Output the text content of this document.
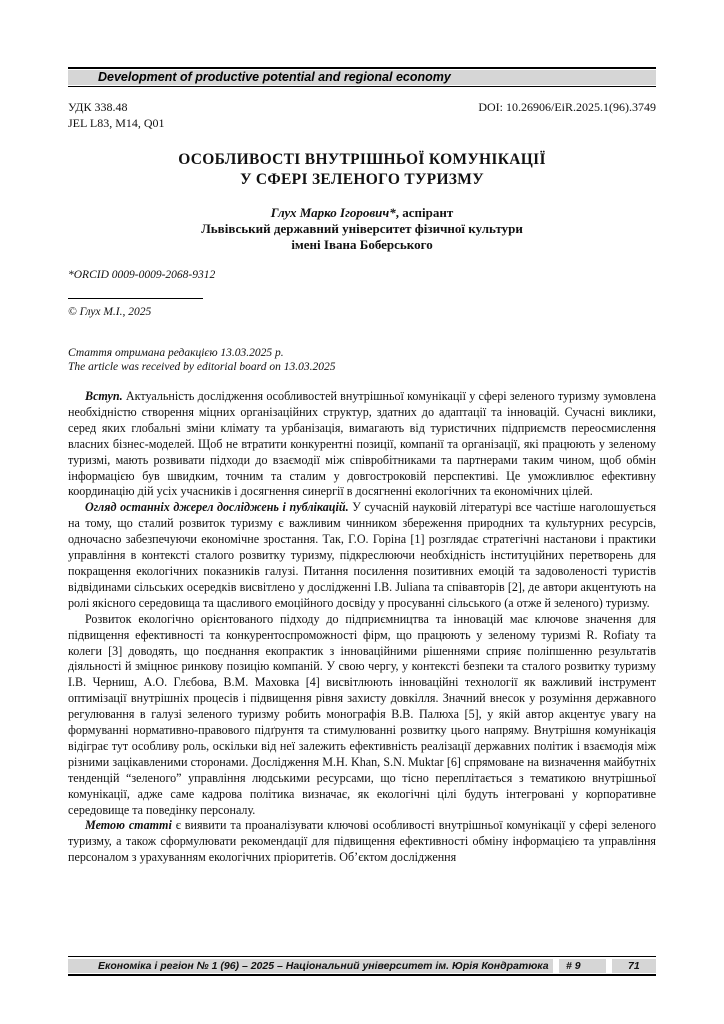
Development of productive potential and regional economy
УДК 338.48
JEL L83, M14, Q01
DOI: 10.26906/EiR.2025.1(96).3749
ОСОБЛИВОСТІ ВНУТРІШНЬОЇ КОМУНІКАЦІЇ
У СФЕРІ ЗЕЛЕНОГО ТУРИЗМУ
Глух Марко Ігорович*, аспірант
Львівський державний університет фізичної культури
імені Івана Боберського
*ORCID 0009-0009-2068-9312
© Глух М.І., 2025
Стаття отримана редакцією 13.03.2025 р.
The article was received by editorial board on 13.03.2025

Вступ. Актуальність дослідження особливостей внутрішньої комунікації у сфері зеленого туризму зумовлена необхідністю створення міцних організаційних структур, здатних до адаптації та інновацій. Сучасні виклики, серед яких глобальні зміни клімату та урбанізація, вимагають від туристичних підприємств переосмислення власних бізнес-моделей. Щоб не втратити конкурентні позиції, компанії та організації, які працюють у зеленому туризмі, мають розвивати підходи до взаємодії між співробітниками та партнерами таким чином, щоб обмін інформацією був швидким, точним та сталим у довгостроковій перспективі. Це уможливлює ефективну координацію дій усіх учасників і досягнення синергії в досягненні екологічних та економічних цілей.

Огляд останніх джерел досліджень і публікацій. У сучасній науковій літературі все частіше наголошується на тому, що сталий розвиток туризму є важливим чинником збереження природних та культурних ресурсів, одночасно забезпечуючи економічне зростання. Так, Г.О. Горіна [1] розглядає стратегічні настанови і практики управління в контексті сталого розвитку туризму, підкреслюючи необхідність інституційних перетворень для покращення екологічних показників галузі. Питання посилення позитивних емоцій та задоволеності туристів відвідинами сільських осередків висвітлено у дослідженні I.B. Juliana та співавторів [2], де автори акцентують на ролі якісного середовища та щасливого емоційного досвіду у просуванні сільського (а отже й зеленого) туризму.

Розвиток екологічно орієнтованого підходу до підприємництва та інновацій має ключове значення для підвищення ефективності та конкурентоспроможності фірм, що працюють у зеленому туризмі R. Rofiaty та колеги [3] доводять, що поєднання екопрактик з інноваційними рішеннями сприяє поліпшенню результатів діяльності й зміцнює ринкову позицію компаній. У свою чергу, у контексті безпеки та сталого розвитку туризму І.В. Черниш, А.О. Глєбова, В.М. Маховка [4] висвітлюють інноваційні технології як важливий інструмент оптимізації внутрішніх процесів і підвищення рівня захисту довкілля. Значний внесок у розуміння державного регулювання в галузі зеленого туризму робить монографія В.В. Палюха [5], у якій автор акцентує увагу на формуванні нормативно-правового підґрунтя та стимулюванні розвитку цього напряму. Внутрішня комунікація відіграє тут особливу роль, оскільки від неї залежить ефективність реалізації державних політик і взаємодія між різними зацікавленими сторонами. Дослідження M.H. Khan, S.N. Muktar [6] спрямоване на визначення майбутніх тенденцій “зеленого” управління людськими ресурсами, що тісно переплітається з тематикою внутрішньої комунікації, адже саме кадрова політика визначає, як екологічні цілі будуть інтегровані у корпоративне середовище та поведінку персоналу.

Метою статті є виявити та проаналізувати ключові особливості внутрішньої комунікації у сфері зеленого туризму, а також сформулювати рекомендації для підвищення ефективності обміну інформацією та управління персоналом з урахуванням екологічних пріоритетів. Об’єктом дослідження

Економіка і регіон № 1 (96) – 2025 – Національний університет ім. Юрія Кондратюка # 9	71
